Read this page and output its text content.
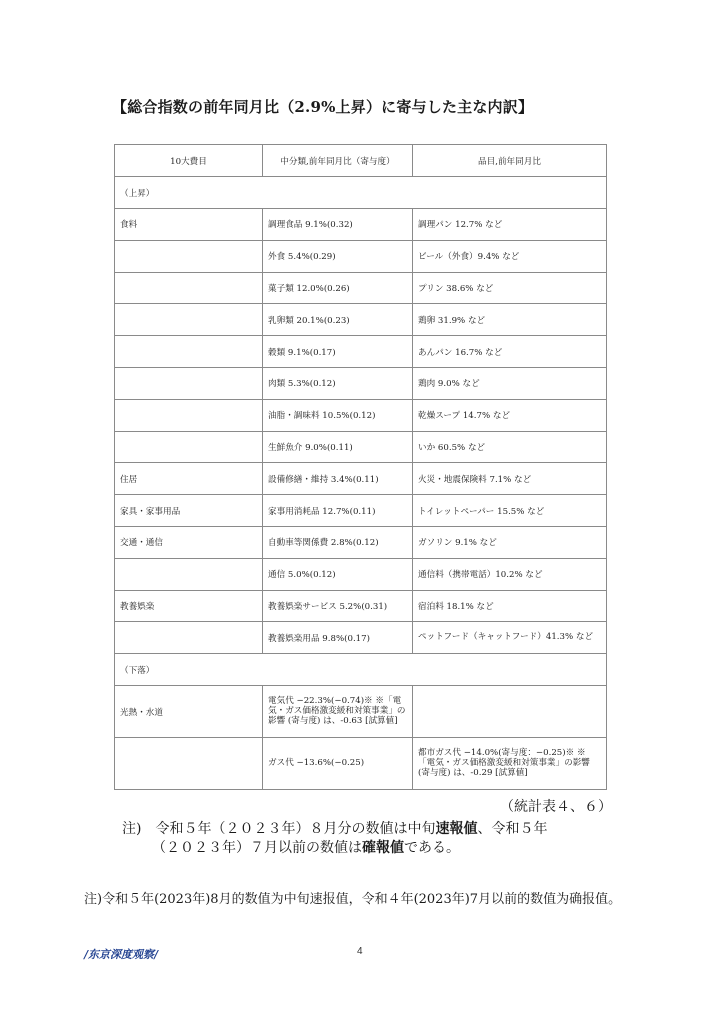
【総合指数の前年同月比（2.9%上昇）に寄与した主な内訳】
10大費目	中分類,前年同月比（寄与度）	品目,前年同月比
（上昇）		
食料	調理食品 9.1%(0.32)	調理パン 12.7% など
	外食 5.4%(0.29)	ビール（外食）9.4% など
	菓子類 12.0%(0.26)	プリン 38.6% など
	乳卵類 20.1%(0.23)	鶏卵 31.9% など
	穀類 9.1%(0.17)	あんパン 16.7% など
	肉類 5.3%(0.12)	鶏肉 9.0% など
	油脂・調味料 10.5%(0.12)	乾燥スープ 14.7% など
	生鮮魚介 9.0%(0.11)	いか 60.5% など
住居	設備修繕・維持 3.4%(0.11)	火災・地震保険料 7.1% など
家具・家事用品	家事用消耗品 12.7%(0.11)	トイレットペーパー 15.5% など
交通・通信	自動車等関係費 2.8%(0.12)	ガソリン 9.1% など
	通信 5.0%(0.12)	通信料（携帯電話）10.2% など
教養娯楽	教養娯楽サービス 5.2%(0.31)	宿泊料 18.1% など
	教養娯楽用品 9.8%(0.17)	ペットフード（キャットフード）41.3% など
（下落）		
光熱・水道	電気代 −22.3%(−0.74)※ ※「電気・ガス価格激変緩和対策事業」の影響 (寄与度) は、-0.63 [試算値]	
	ガス代 −13.6%(−0.25)	都市ガス代 −14.0%(寄与度：−0.25)※ ※「電気・ガス価格激変緩和対策事業」の影響 (寄与度) は、-0.29 [試算値]
（統計表４、６）
注)　令和５年（２０２３年）８月分の数値は中旬速報値、令和５年
（２０２３年）７月以前の数値は確報値である。
注)令和５年(2023年)8月的数值为中旬速报值，令和４年(2023年)7月以前的数值为确报值。
/东京深度观察/	4
